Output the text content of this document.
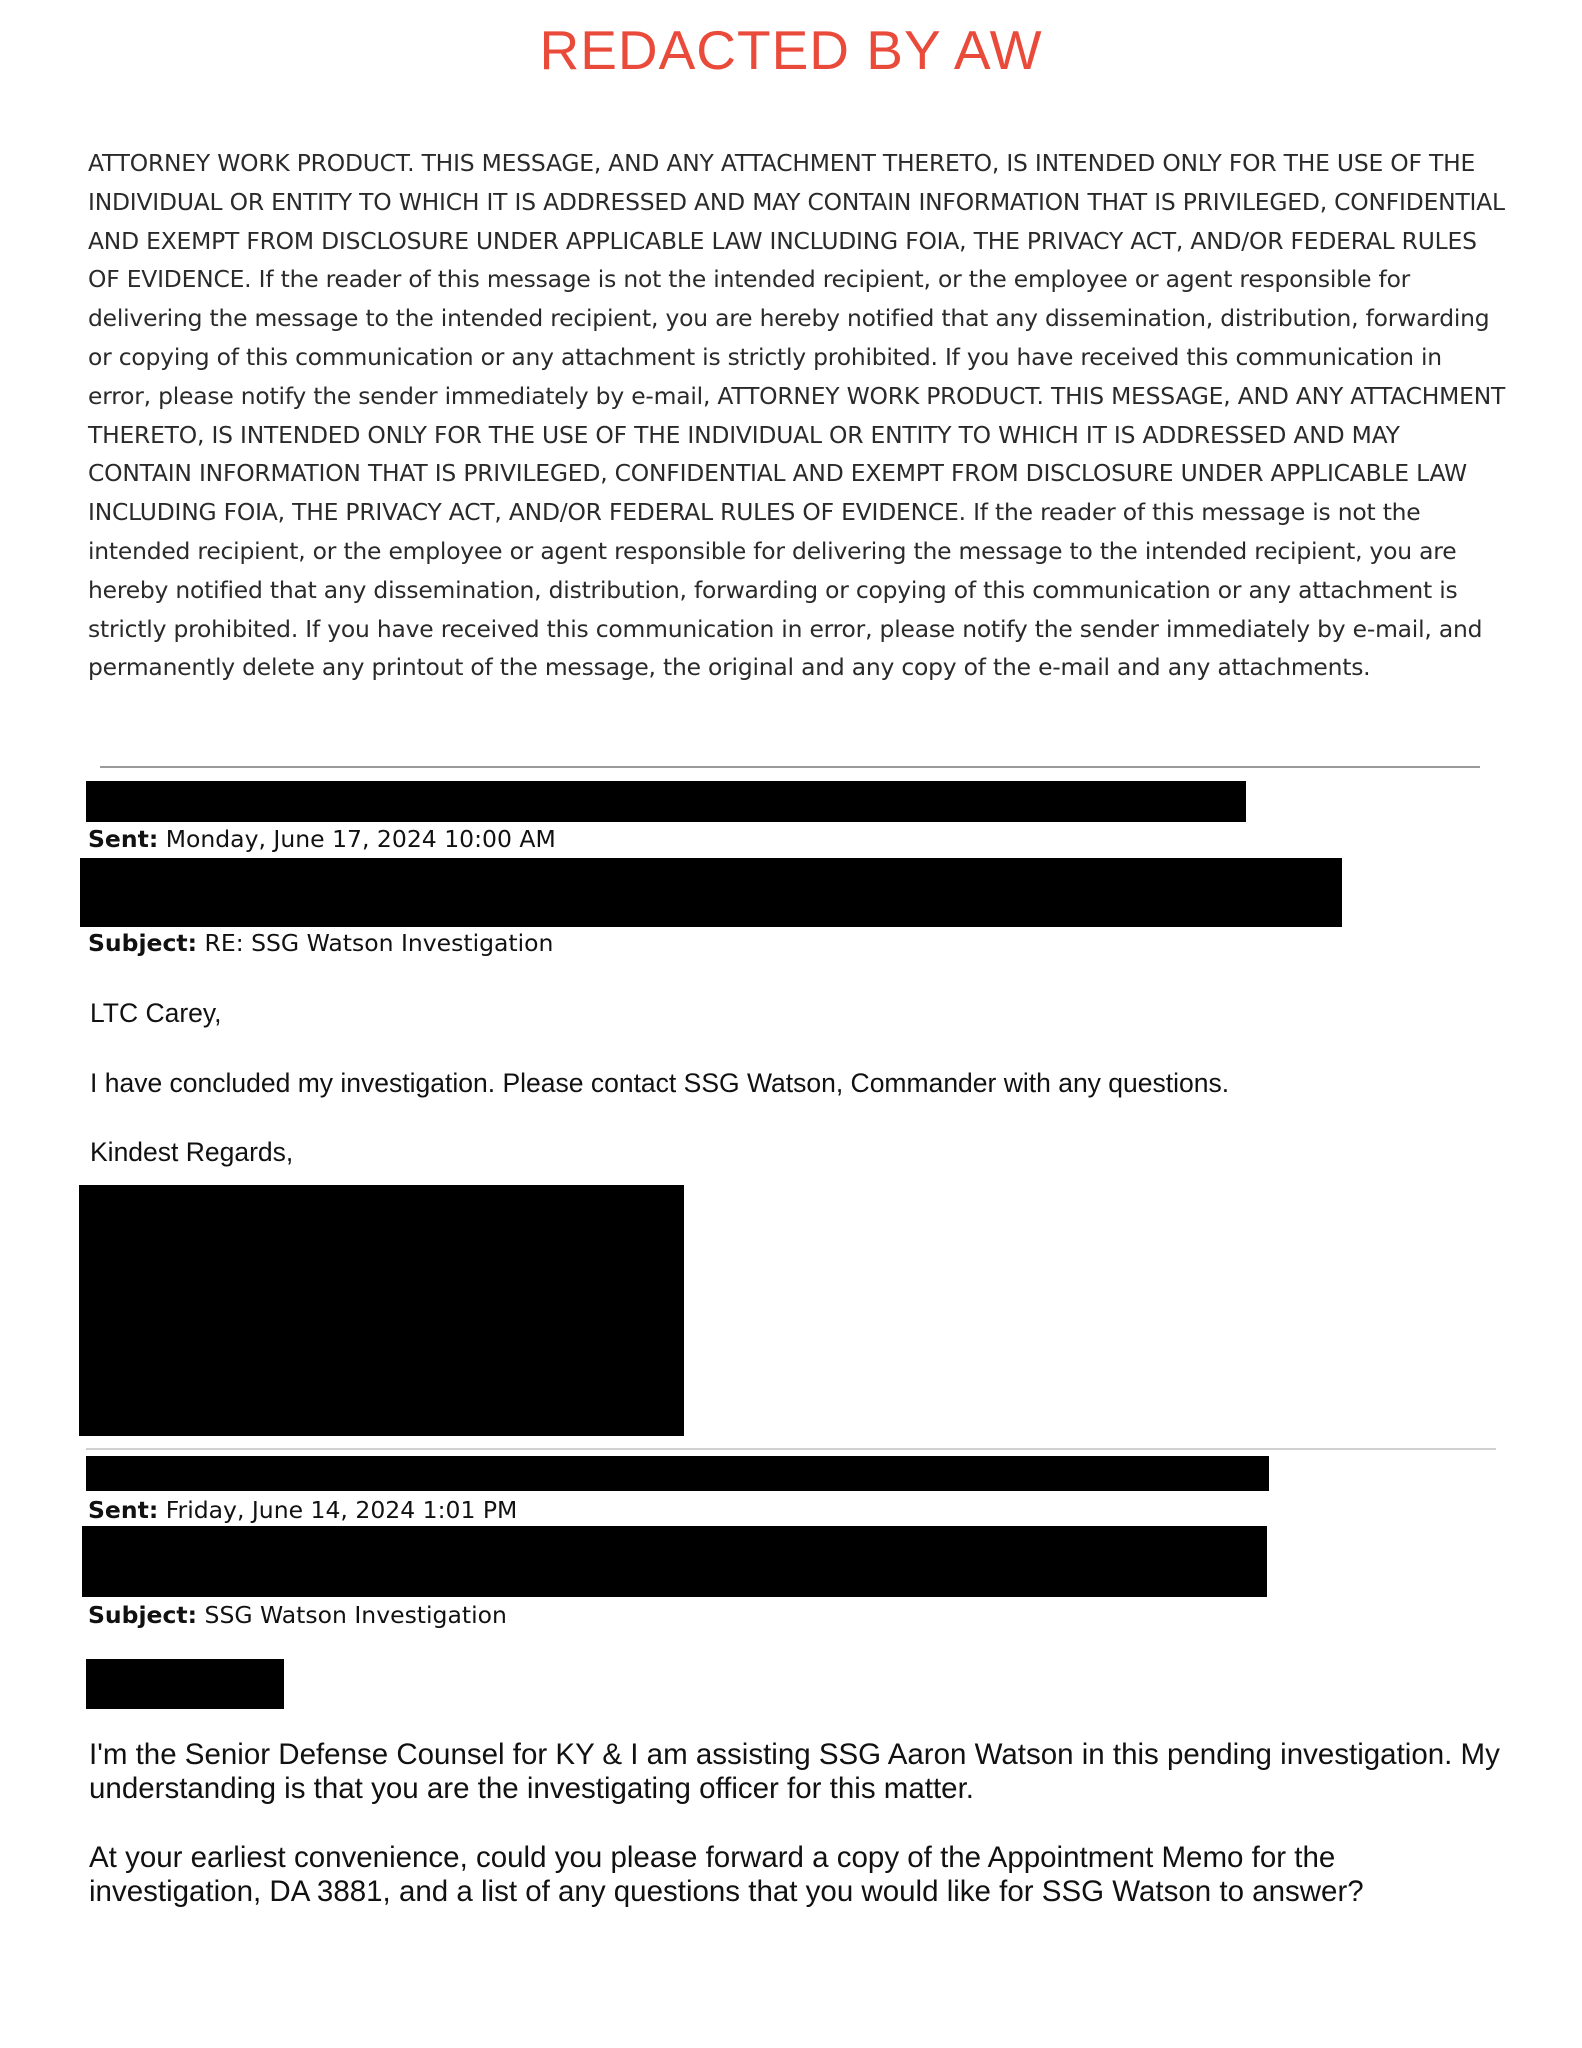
REDACTED BY AW
ATTORNEY WORK PRODUCT. THIS MESSAGE, AND ANY ATTACHMENT THERETO, IS INTENDED ONLY FOR THE USE OF THE INDIVIDUAL OR ENTITY TO WHICH IT IS ADDRESSED AND MAY CONTAIN INFORMATION THAT IS PRIVILEGED, CONFIDENTIAL AND EXEMPT FROM DISCLOSURE UNDER APPLICABLE LAW INCLUDING FOIA, THE PRIVACY ACT, AND/OR FEDERAL RULES OF EVIDENCE. If the reader of this message is not the intended recipient, or the employee or agent responsible for delivering the message to the intended recipient, you are hereby notified that any dissemination, distribution, forwarding or copying of this communication or any attachment is strictly prohibited. If you have received this communication in error, please notify the sender immediately by e-mail, ATTORNEY WORK PRODUCT. THIS MESSAGE, AND ANY ATTACHMENT THERETO, IS INTENDED ONLY FOR THE USE OF THE INDIVIDUAL OR ENTITY TO WHICH IT IS ADDRESSED AND MAY CONTAIN INFORMATION THAT IS PRIVILEGED, CONFIDENTIAL AND EXEMPT FROM DISCLOSURE UNDER APPLICABLE LAW INCLUDING FOIA, THE PRIVACY ACT, AND/OR FEDERAL RULES OF EVIDENCE. If the reader of this message is not the intended recipient, or the employee or agent responsible for delivering the message to the intended recipient, you are hereby notified that any dissemination, distribution, forwarding or copying of this communication or any attachment is strictly prohibited. If you have received this communication in error, please notify the sender immediately by e-mail, and permanently delete any printout of the message, the original and any copy of the e-mail and any attachments.
Sent: Monday, June 17, 2024 10:00 AM
Subject: RE: SSG Watson Investigation
LTC Carey,
I have concluded my investigation. Please contact SSG Watson, Commander with any questions.
Kindest Regards,
Sent: Friday, June 14, 2024 1:01 PM
Subject: SSG Watson Investigation
I'm the Senior Defense Counsel for KY & I am assisting SSG Aaron Watson in this pending investigation. My understanding is that you are the investigating officer for this matter.
At your earliest convenience, could you please forward a copy of the Appointment Memo for the investigation, DA 3881, and a list of any questions that you would like for SSG Watson to answer?
